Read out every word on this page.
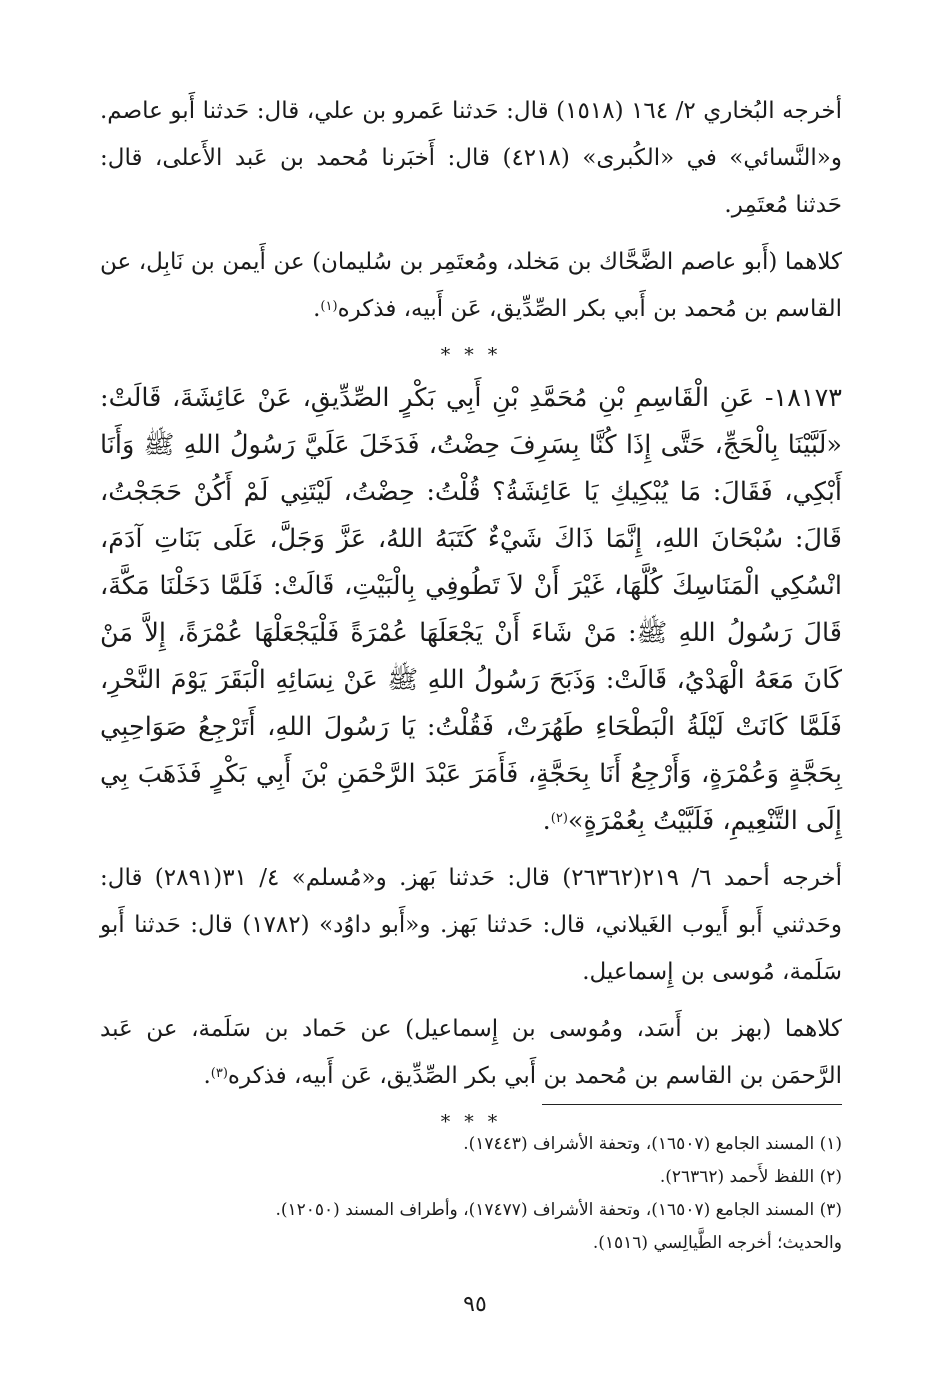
أخرجه البُخاري ٢/ ١٦٤ (١٥١٨) قال: حَدثنا عَمرو بن علي، قال: حَدثنا أَبو عاصم. و«النَّسائي» في «الكُبرى» (٤٢١٨) قال: أَخبَرنا مُحمد بن عَبد الأَعلى، قال: حَدثنا مُعتَمِر.

كلاهما (أَبو عاصم الضَّحَّاك بن مَخلد، ومُعتَمِر بن سُليمان) عن أَيمن بن نَابِل، عن القاسم بن مُحمد بن أَبي بكر الصِّدِّيق، عَن أَبيه، فذكره$^{(١)}$.

* * *

١٨١٧٣- عَنِ الْقَاسِمِ بْنِ مُحَمَّدِ بْنِ أَبِي بَكْرٍ الصِّدِّيقِ، عَنْ عَائِشَةَ، قَالَتْ: «لَبَّيْنَا بِالْحَجِّ، حَتَّى إِذَا كُنَّا بِسَرِفَ حِضْتُ، فَدَخَلَ عَلَيَّ رَسُولُ اللهِ ﷺ وَأَنَا أَبْكِي، فَقَالَ: مَا يُبْكِيكِ يَا عَائِشَةُ؟ قُلْتُ: حِضْتُ، لَيْتَنِي لَمْ أَكُنْ حَجَجْتُ، قَالَ: سُبْحَانَ اللهِ، إِنَّمَا ذَاكَ شَيْءٌ كَتَبَهُ اللهُ، عَزَّ وَجَلَّ، عَلَى بَنَاتِ آدَمَ، انْسُكِي الْمَنَاسِكَ كُلَّهَا، غَيْرَ أَنْ لاَ تَطُوفِي بِالْبَيْتِ، قَالَتْ: فَلَمَّا دَخَلْنَا مَكَّةَ، قَالَ رَسُولُ اللهِ ﷺ: مَنْ شَاءَ أَنْ يَجْعَلَهَا عُمْرَةً فَلْيَجْعَلْهَا عُمْرَةً، إِلاَّ مَنْ كَانَ مَعَهُ الْهَدْيُ، قَالَتْ: وَذَبَحَ رَسُولُ اللهِ ﷺ عَنْ نِسَائِهِ الْبَقَرَ يَوْمَ النَّحْرِ، فَلَمَّا كَانَتْ لَيْلَةُ الْبَطْحَاءِ طَهُرَتْ، فَقُلْتُ: يَا رَسُولَ اللهِ، أَتَرْجِعُ صَوَاحِبِي بِحَجَّةٍ وَعُمْرَةٍ، وَأَرْجِعُ أَنَا بِحَجَّةٍ، فَأَمَرَ عَبْدَ الرَّحْمَنِ بْنَ أَبِي بَكْرٍ فَذَهَبَ بِي إِلَى التَّنْعِيمِ، فَلَبَّيْتُ بِعُمْرَةٍ»$^{(٢)}$.

أخرجه أحمد ٦/ ٢١٩(٢٦٣٦٢) قال: حَدثنا بَهز. و«مُسلم» ٤/ ٣١(٢٨٩١) قال: وحَدثني أَبو أَيوب الغَيلاني، قال: حَدثنا بَهز. و«أَبو داوُد» (١٧٨٢) قال: حَدثنا أَبو سَلَمة، مُوسى بن إِسماعيل.

كلاهما (بهز بن أَسَد، ومُوسى بن إِسماعيل) عن حَماد بن سَلَمة، عن عَبد الرَّحمَن بن القاسم بن مُحمد بن أَبي بكر الصِّدِّيق، عَن أَبيه، فذكره$^{(٣)}$.

* * *

(١) المسند الجامع (١٦٥٠٧)، وتحفة الأشراف (١٧٤٤٣).

(٢) اللفظ لأَحمد (٢٦٣٦٢).

(٣) المسند الجامع (١٦٥٠٧)، وتحفة الأشراف (١٧٤٧٧)، وأطراف المسند (١٢٠٥٠).

والحديث؛ أخرجه الطَّيالِسي (١٥١٦).

٩٥
